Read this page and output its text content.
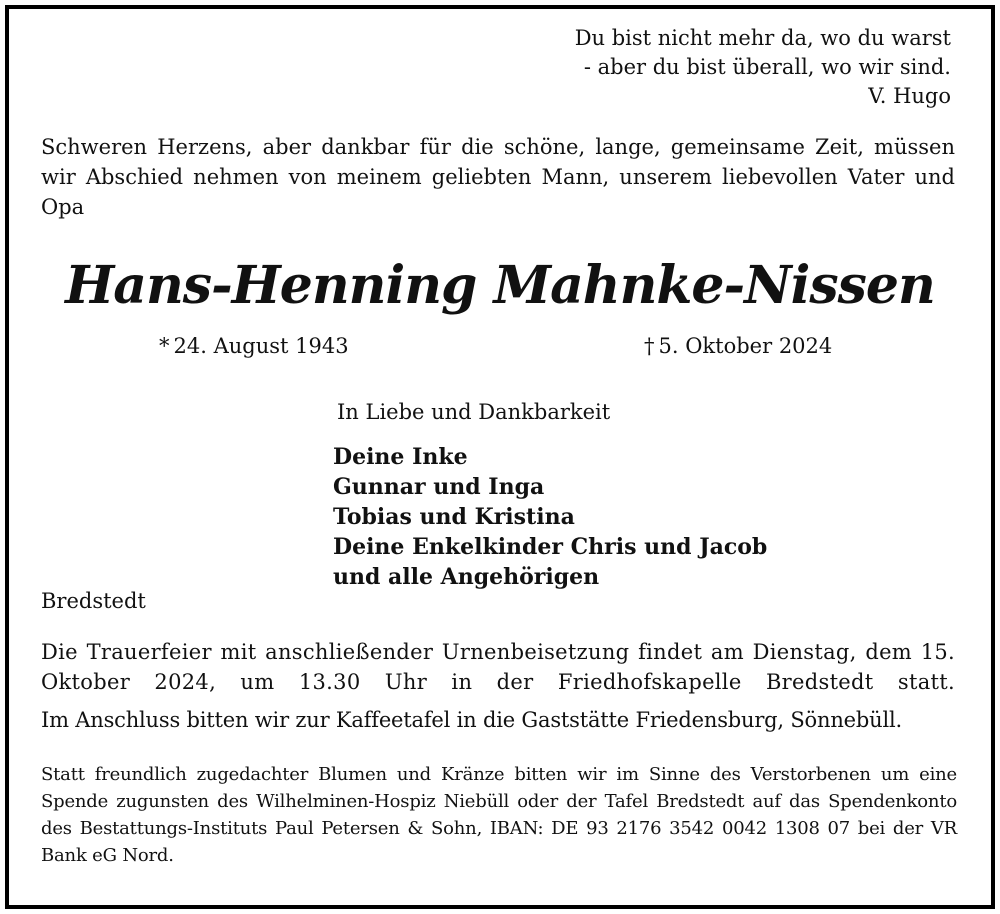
Du bist nicht mehr da, wo du warst
- aber du bist überall, wo wir sind.
V. Hugo
Schweren Herzens, aber dankbar für die schöne, lange, gemeinsame Zeit, müssen wir Abschied nehmen von meinem geliebten Mann, unserem liebevollen Vater und Opa
Hans-Henning Mahnke-Nissen
* 24. August 1943	† 5. Oktober 2024
In Liebe und Dankbarkeit
Deine Inke
Gunnar und Inga
Tobias und Kristina
Deine Enkelkinder Chris und Jacob
und alle Angehörigen
Bredstedt
Die Trauerfeier mit anschließender Urnenbeisetzung findet am Dienstag, dem 15. Oktober 2024, um 13.30 Uhr in der Friedhofskapelle Bredstedt statt.
Im Anschluss bitten wir zur Kaffeetafel in die Gaststätte Friedensburg, Sönnebüll.
Statt freundlich zugedachter Blumen und Kränze bitten wir im Sinne des Verstorbenen um eine Spende zugunsten des Wilhelminen-Hospiz Niebüll oder der Tafel Bredstedt auf das Spendenkonto des Bestattungs-Instituts Paul Petersen & Sohn, IBAN: DE 93 2176 3542 0042 1308 07 bei der VR Bank eG Nord.
